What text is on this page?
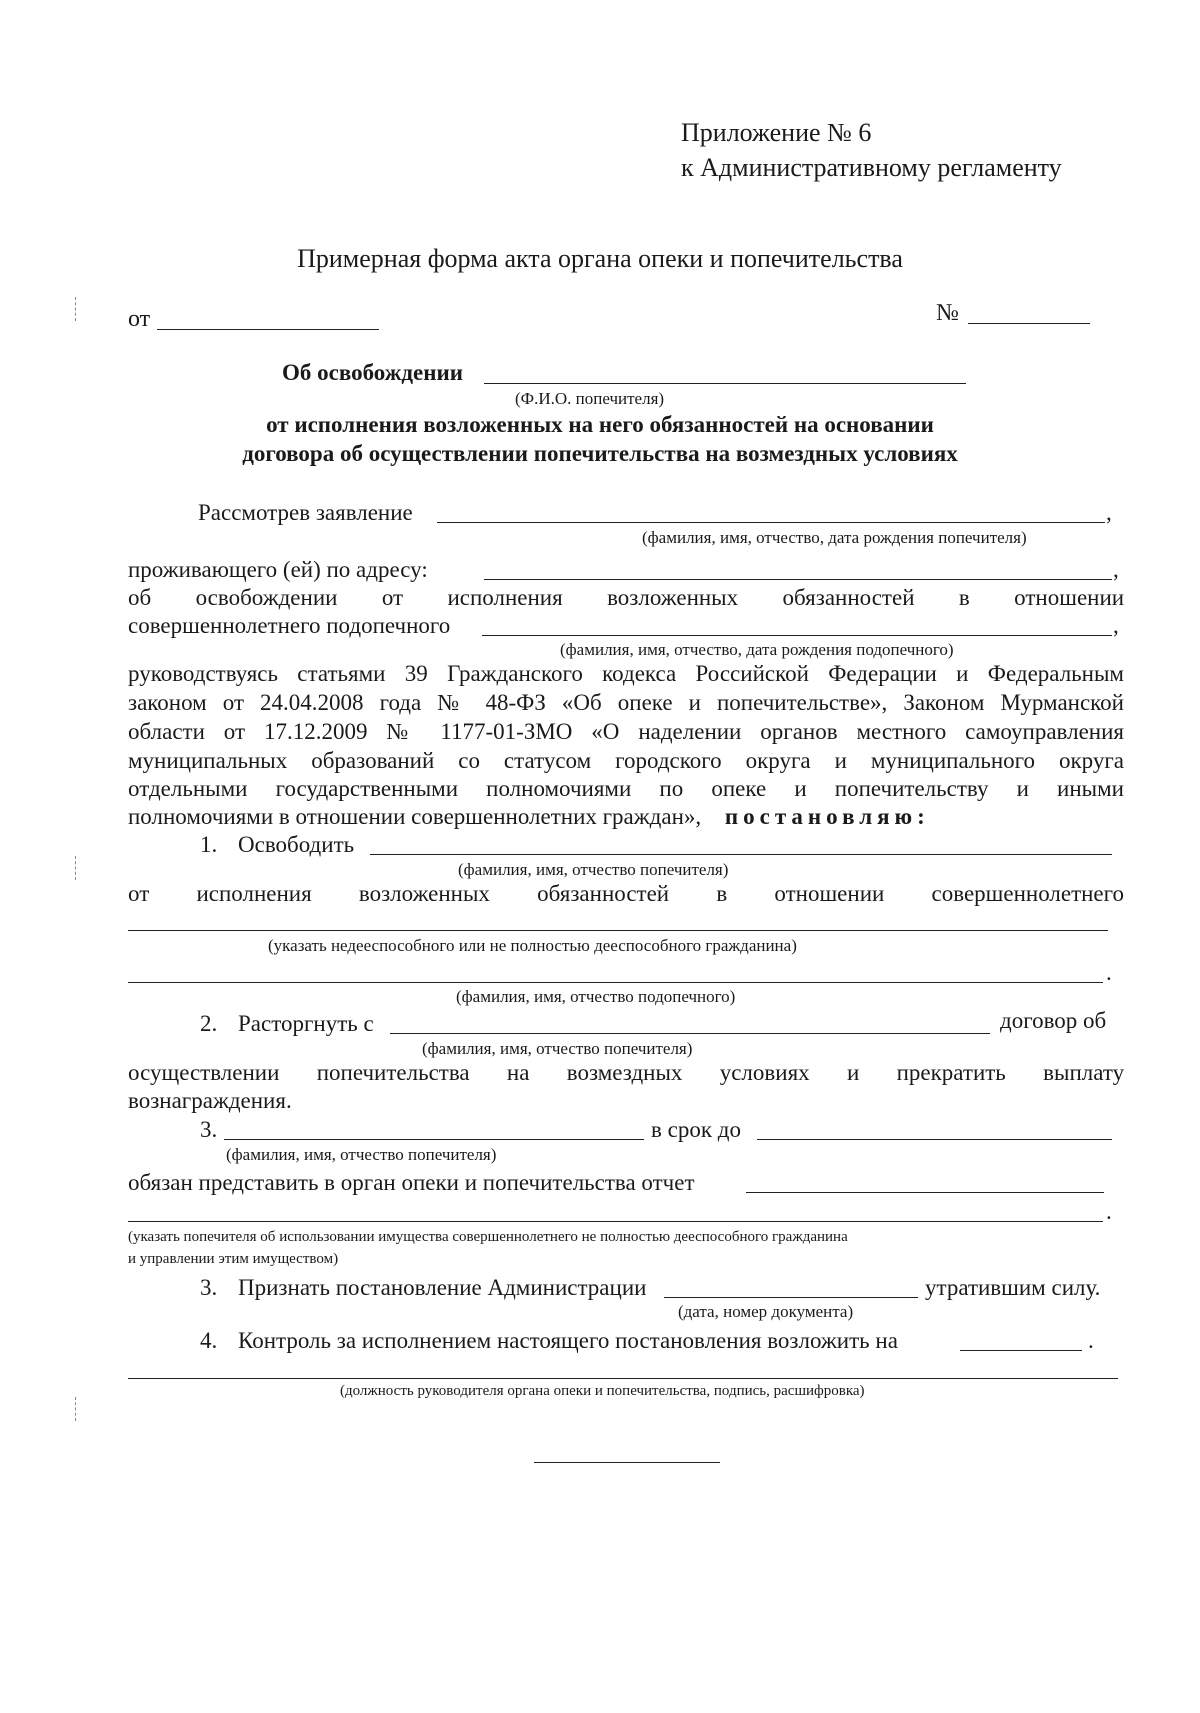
Приложение № 6
к Административному регламенту
Примерная форма акта органа опеки и попечительства
от	№
Об освобождении
(Ф.И.О. попечителя)
от исполнения возложенных на него обязанностей на основании
договора об осуществлении попечительства на возмездных условиях
Рассмотрев заявление	,
(фамилия, имя, отчество, дата рождения попечителя)
проживающего (ей) по адресу:	,
об освобождении от исполнения возложенных обязанностей в отношении
совершеннолетнего подопечного	,
(фамилия, имя, отчество, дата рождения подопечного)
руководствуясь статьями 39 Гражданского кодекса Российской Федерации и Федеральным
законом от 24.04.2008 года № 48-ФЗ «Об опеке и попечительстве», Законом Мурманской
области от 17.12.2009 № 1177-01-ЗМО «О наделении органов местного самоуправления
муниципальных образований со статусом городского округа и муниципального округа
отдельными государственными полномочиями по опеке и попечительству и иными
полномочиями в отношении совершеннолетних граждан», постановляю:
1. Освободить
(фамилия, имя, отчество попечителя)
от исполнения возложенных обязанностей в отношении совершеннолетнего
(указать недееспособного или не полностью дееспособного гражданина)
.
(фамилия, имя, отчество подопечного)
2. Расторгнуть с	договор об
(фамилия, имя, отчество попечителя)
осуществлении попечительства на возмездных условиях и прекратить выплату
вознаграждения.
3.	в срок до
(фамилия, имя, отчество попечителя)
обязан представить в орган опеки и попечительства отчет
.
(указать попечителя об использовании имущества совершеннолетнего не полностью дееспособного гражданина
и управлении этим имуществом)
3. Признать постановление Администрации	утратившим силу.
(дата, номер документа)
4. Контроль за исполнением настоящего постановления возложить на	.
(должность руководителя органа опеки и попечительства, подпись, расшифровка)
